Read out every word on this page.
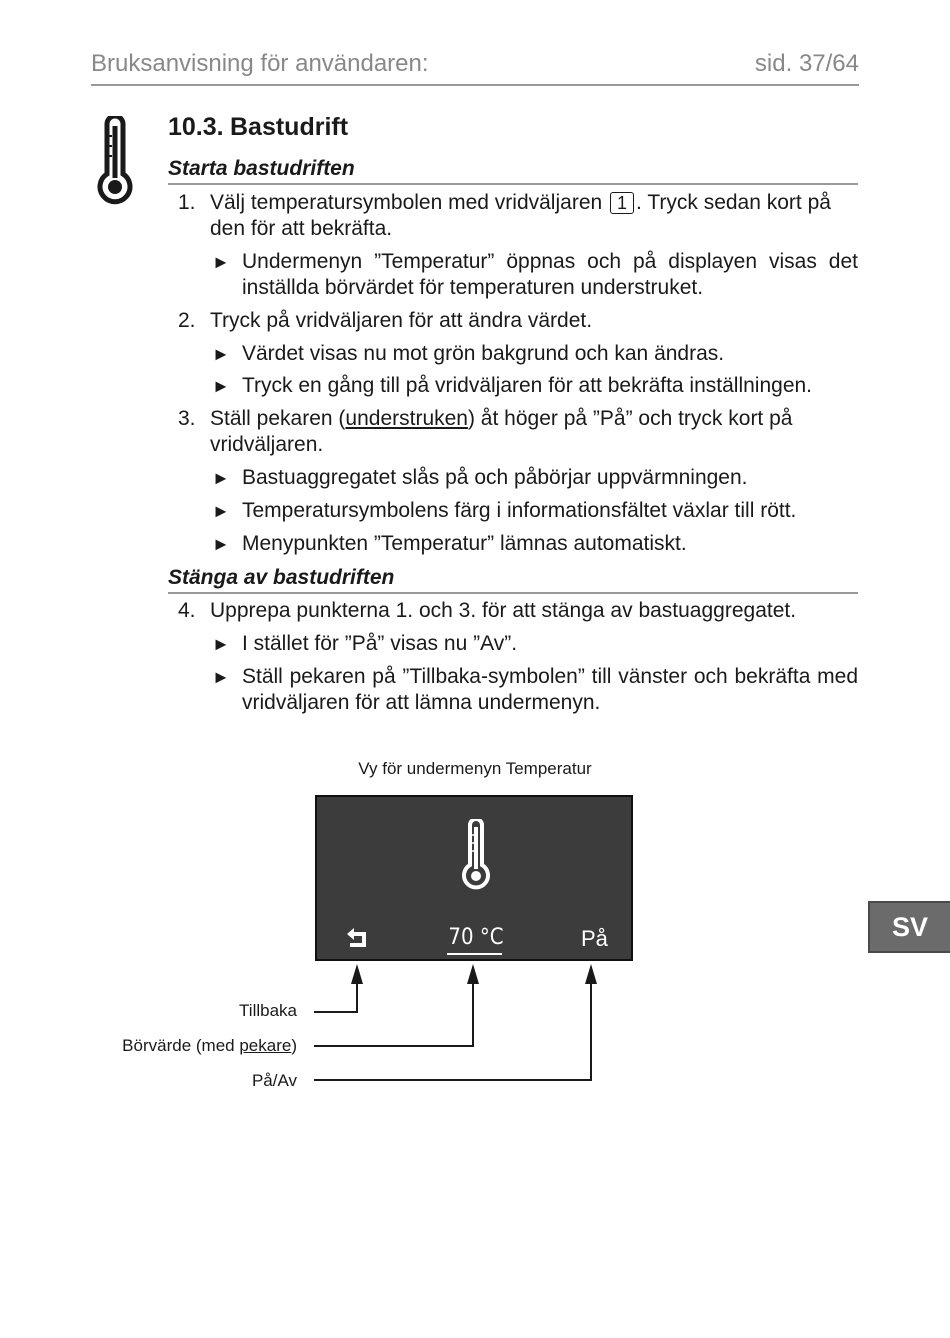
Bruksanvisning för användaren:	sid. 37/64
10.3. Bastudrift
Starta bastudriften
1. Välj temperatursymbolen med vridväljaren 1 . Tryck sedan kort på
den för att bekräfta.
► Undermenyn ”Temperatur” öppnas och på displayen visas det inställda börvärdet för temperaturen understruket.
2. Tryck på vridväljaren för att ändra värdet.
► Värdet visas nu mot grön bakgrund och kan ändras.
► Tryck en gång till på vridväljaren för att bekräfta inställningen.
3. Ställ pekaren (understruken) åt höger på ”På” och tryck kort på
vridväljaren.
► Bastuaggregatet slås på och påbörjar uppvärmningen.
► Temperatursymbolens färg i informationsfältet växlar till rött.
► Menypunkten ”Temperatur” lämnas automatiskt.
Stänga av bastudriften
4. Upprepa punkterna 1. och 3. för att stänga av bastuaggregatet.
► I stället för ”På” visas nu ”Av”.
► Ställ pekaren på ”Tillbaka-symbolen” till vänster och bekräfta med vridväljaren för att lämna undermenyn.
Vy för undermenyn Temperatur
70 °C	På
Tillbaka
Börvärde (med pekare)
På/Av
SV
